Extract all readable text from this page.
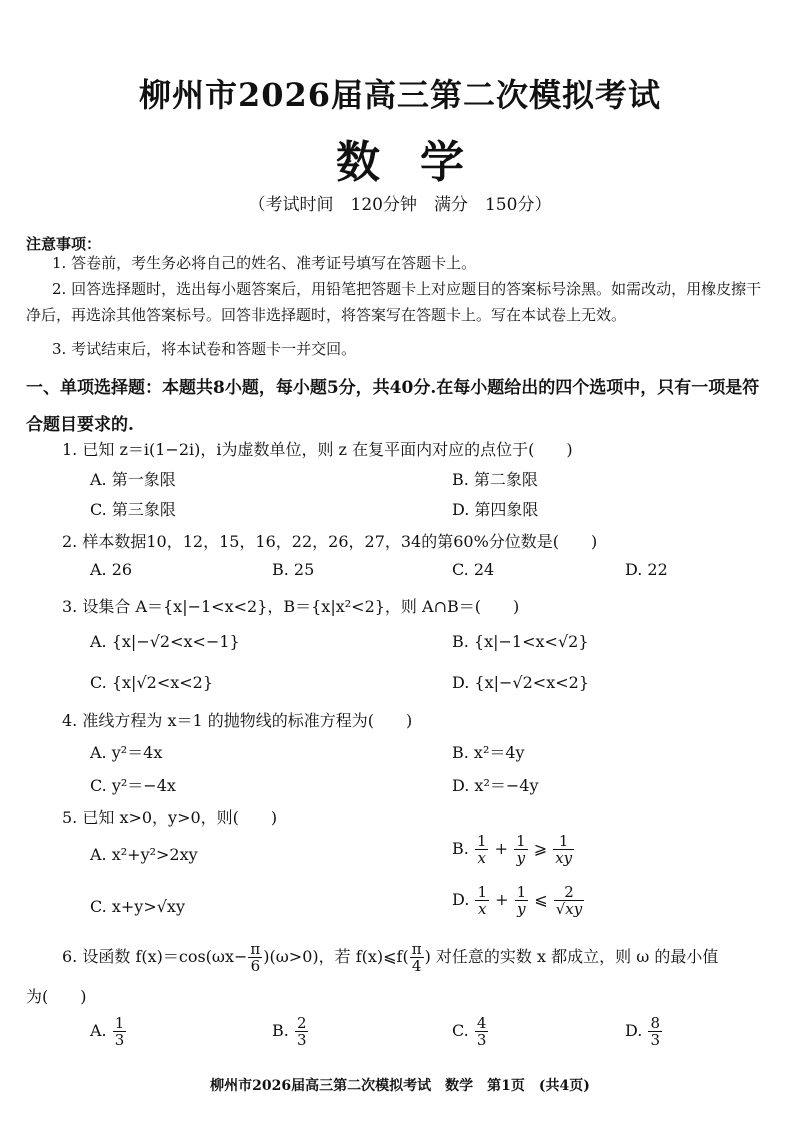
柳州市2026届高三第二次模拟考试
数学
（考试时间　120分钟　满分　150分）
注意事项：
1. 答卷前，考生务必将自己的姓名、准考证号填写在答题卡上。
2. 回答选择题时，选出每小题答案后，用铅笔把答题卡上对应题目的答案标号涂黑。如需改动，用橡皮擦干净后，再选涂其他答案标号。回答非选择题时，将答案写在答题卡上。写在本试卷上无效。
3. 考试结束后，将本试卷和答题卡一并交回。
一、单项选择题：本题共8小题，每小题5分，共40分.在每小题给出的四个选项中，只有一项是符合题目要求的.
1. 已知 z＝i(1−2i)，i为虚数单位，则 z 在复平面内对应的点位于(　　)
A. 第一象限	B. 第二象限
C. 第三象限	D. 第四象限
2. 样本数据10，12，15，16，22，26，27，34的第60%分位数是(　　)
A. 26	B. 25	C. 24	D. 22
3. 设集合 A＝{x|−1<x<2}，B＝{x|x²<2}，则 A∩B＝(　　)
A. {x|−√2<x<−1}	B. {x|−1<x<√2}
C. {x|√2<x<2}	D. {x|−√2<x<2}
4. 准线方程为 x＝1 的抛物线的标准方程为(　　)
A. y²＝4x	B. x²＝4y
C. y²＝−4x	D. x²＝−4y
5. 已知 x>0，y>0，则(　　)
A. x²+y²>2xy	B. $\frac{1}{x} + \frac{1}{y}$ ⩾ $\frac{1}{xy}$
C. x+y>√xy	D. $\frac{1}{x} + \frac{1}{y}$ ⩽ $\frac{2}{√xy}$
6. 设函数 $f(x)=\cos(\omega x- \frac{\pi}{6} )(\omega>0)$，若 f(x)⩽f( $\frac{\pi}{4}$ ) 对任意的实数 x 都成立，则 ω 的最小值
为(　　)
A. $\frac{1}{3}$	B. $\frac{2}{3}$	C. $\frac{4}{3}$	D. $\frac{8}{3}$
柳州市2026届高三第二次模拟考试　数学　第1页　(共4页)
